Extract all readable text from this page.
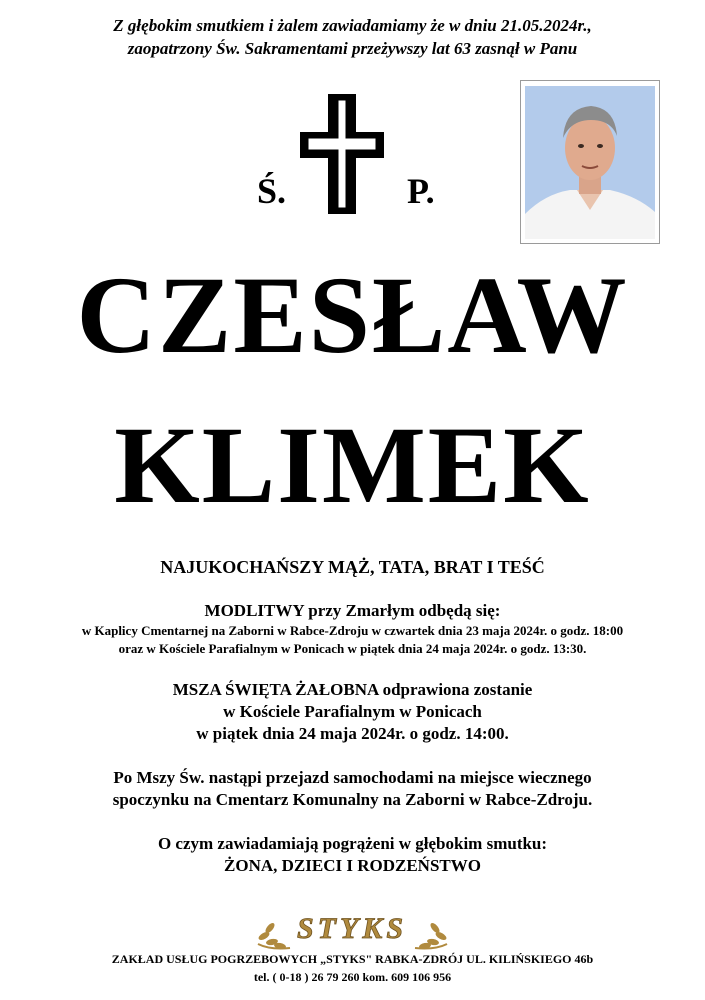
Z głębokim smutkiem i żalem zawiadamiamy że w dniu 21.05.2024r.,
zaopatrzony Św. Sakramentami przeżywszy lat 63 zasnął w Panu
Ś.	P.
CZESŁAW
KLIMEK
NAJUKOCHAŃSZY MĄŻ, TATA, BRAT I TEŚĆ
MODLITWY przy Zmarłym odbędą się:
w Kaplicy Cmentarnej na Zaborni w Rabce-Zdroju w czwartek dnia 23 maja 2024r. o godz. 18:00
oraz w Kościele Parafialnym w Ponicach w piątek dnia 24 maja 2024r. o godz. 13:30.
MSZA ŚWIĘTA ŻAŁOBNA odprawiona zostanie
w Kościele Parafialnym w Ponicach
w piątek dnia 24 maja 2024r. o godz. 14:00.
Po Mszy Św. nastąpi przejazd samochodami na miejsce wiecznego
spoczynku na Cmentarz Komunalny na Zaborni w Rabce-Zdroju.
O czym zawiadamiają pogrążeni w głębokim smutku:
ŻONA, DZIECI I RODZEŃSTWO
STYKS
ZAKŁAD USŁUG POGRZEBOWYCH „STYKS" RABKA-ZDRÓJ UL. KILIŃSKIEGO 46b
tel. ( 0-18 ) 26 79 260 kom. 609 106 956
